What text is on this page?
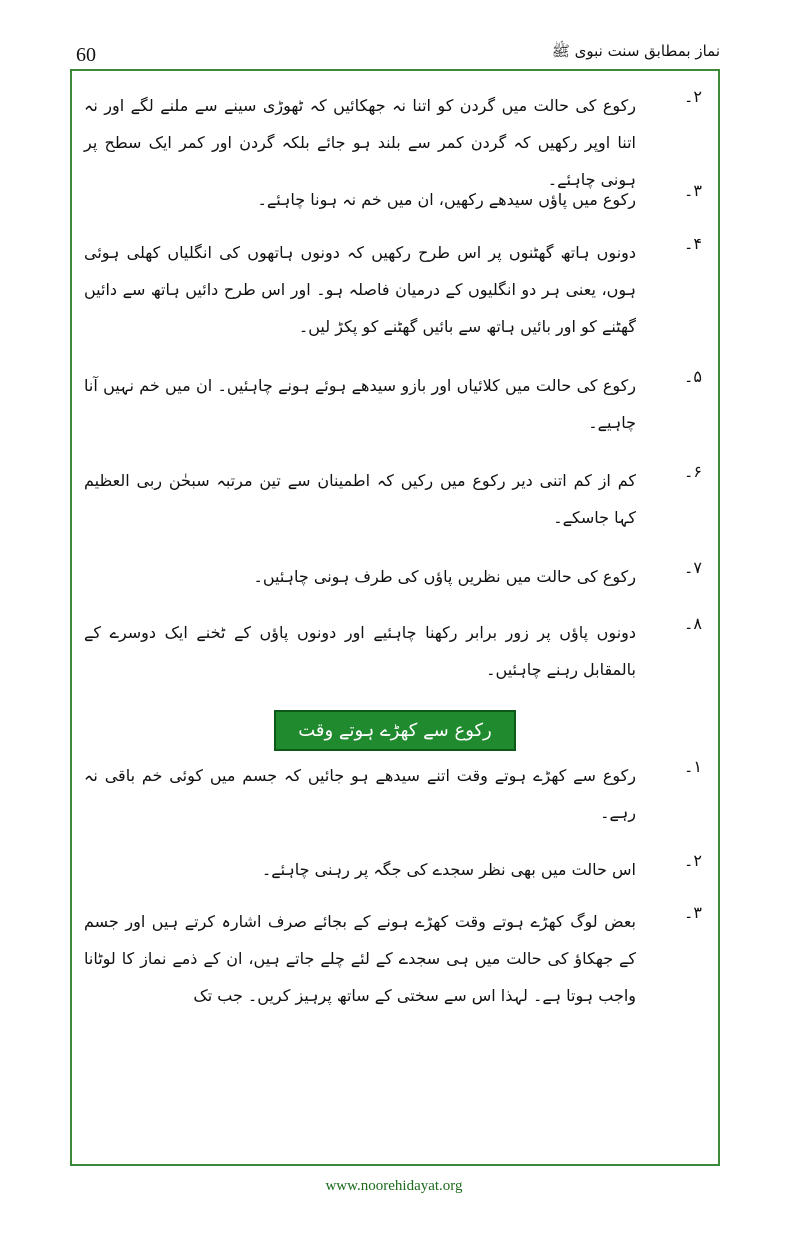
60	نماز بمطابق سنت نبوی ﷺ
۲۔
رکوع کی حالت میں گردن کو اتنا نہ جھکائیں کہ ٹھوڑی سینے سے ملنے لگے اور نہ اتنا اوپر رکھیں کہ گردن کمر سے بلند ہو جائے بلکہ گردن اور کمر ایک سطح پر ہونی چاہئے۔
۳۔
رکوع میں پاؤں سیدھے رکھیں، ان میں خم نہ ہونا چاہئے۔
۴۔
دونوں ہاتھ گھٹنوں پر اس طرح رکھیں کہ دونوں ہاتھوں کی انگلیاں کھلی ہوئی ہوں، یعنی ہر دو انگلیوں کے درمیان فاصلہ ہو۔ اور اس طرح دائیں ہاتھ سے دائیں گھٹنے کو اور بائیں ہاتھ سے بائیں گھٹنے کو پکڑ لیں۔
۵۔
رکوع کی حالت میں کلائیاں اور بازو سیدھے ہوئے ہونے چاہئیں۔ ان میں خم نہیں آنا چاہیے۔
۶۔
کم از کم اتنی دیر رکوع میں رکیں کہ اطمینان سے تین مرتبہ سبحٰن ربی العظیم کہا جاسکے۔
۷۔
رکوع کی حالت میں نظریں پاؤں کی طرف ہونی چاہئیں۔
۸۔
دونوں پاؤں پر زور برابر رکھنا چاہئیے اور دونوں پاؤں کے ٹخنے ایک دوسرے کے بالمقابل رہنے چاہئیں۔
رکوع سے کھڑے ہوتے وقت
۱۔
رکوع سے کھڑے ہوتے وقت اتنے سیدھے ہو جائیں کہ جسم میں کوئی خم باقی نہ رہے۔
۲۔
اس حالت میں بھی نظر سجدے کی جگہ پر رہنی چاہئے۔
۳۔
بعض لوگ کھڑے ہوتے وقت کھڑے ہونے کے بجائے صرف اشارہ کرتے ہیں اور جسم کے جھکاؤ کی حالت میں ہی سجدے کے لئے چلے جاتے ہیں، ان کے ذمے نماز کا لوٹانا واجب ہوتا ہے۔ لہذا اس سے سختی کے ساتھ پرہیز کریں۔ جب تک
www.noorehidayat.org
